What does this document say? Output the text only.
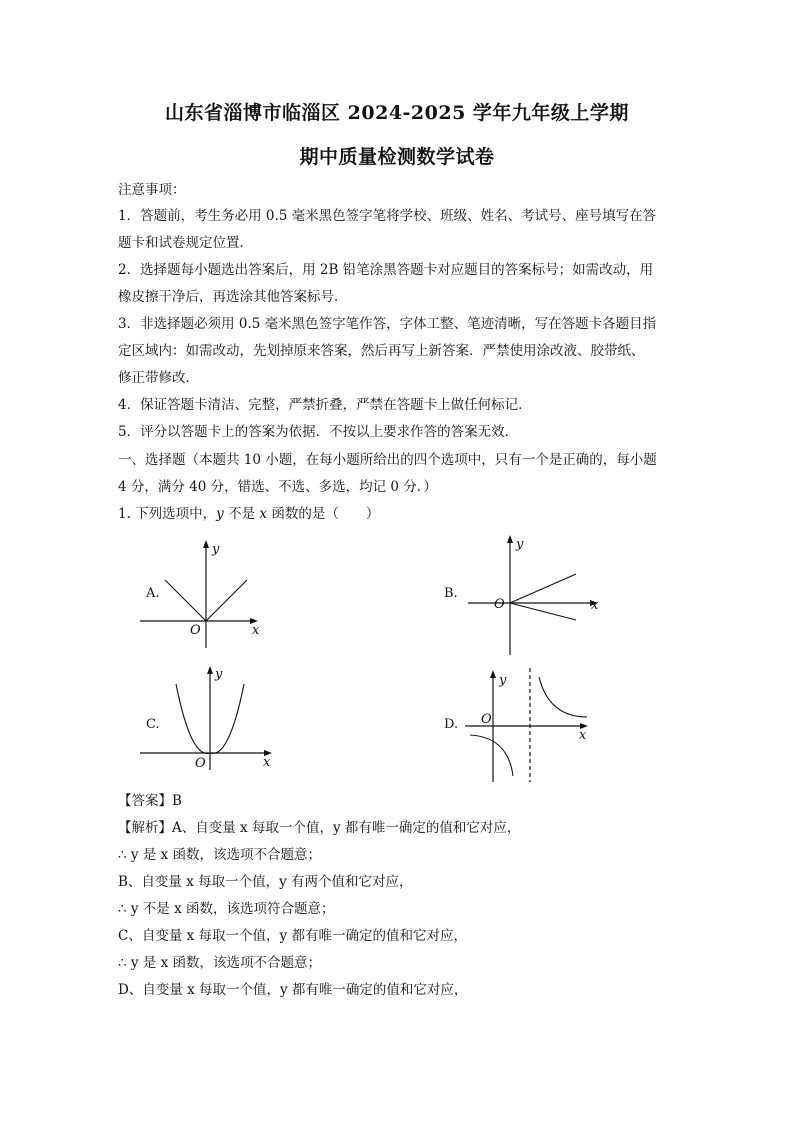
山东省淄博市临淄区 2024-2025 学年九年级上学期
期中质量检测数学试卷
注意事项：
1．答题前，考生务必用 0.5 毫米黑色签字笔将学校、班级、姓名、考试号、座号填写在答
题卡和试卷规定位置．
2．选择题每小题选出答案后，用 2B 铅笔涂黑答题卡对应题目的答案标号；如需改动，用
橡皮擦干净后，再选涂其他答案标号．
3．非选择题必须用 0.5 毫米黑色签字笔作答，字体工整、笔迹清晰，写在答题卡各题目指
定区域内：如需改动，先划掉原来答案，然后再写上新答案．严禁使用涂改液、胶带纸、
修正带修改．
4．保证答题卡清洁、完整，严禁折叠，严禁在答题卡上做任何标记．
5．评分以答题卡上的答案为依据．不按以上要求作答的答案无效．
一、选择题（本题共 10 小题，在每小题所给出的四个选项中，只有一个是正确的，每小题
4 分，满分 40 分，错选、不选、多选，均记 0 分．）
1. 下列选项中，y 不是 x 函数的是（　　）
A.
x
y
O
B.
x
y
O
C.
x
y
O
D.
x
y
O
【答案】B
【解析】A、自变量 x 每取一个值，y 都有唯一确定的值和它对应，
∴ y 是 x 函数，该选项不合题意；
B、自变量 x 每取一个值，y 有两个值和它对应，
∴ y 不是 x 函数，该选项符合题意；
C、自变量 x 每取一个值，y 都有唯一确定的值和它对应，
∴ y 是 x 函数，该选项不合题意；
D、自变量 x 每取一个值，y 都有唯一确定的值和它对应，
